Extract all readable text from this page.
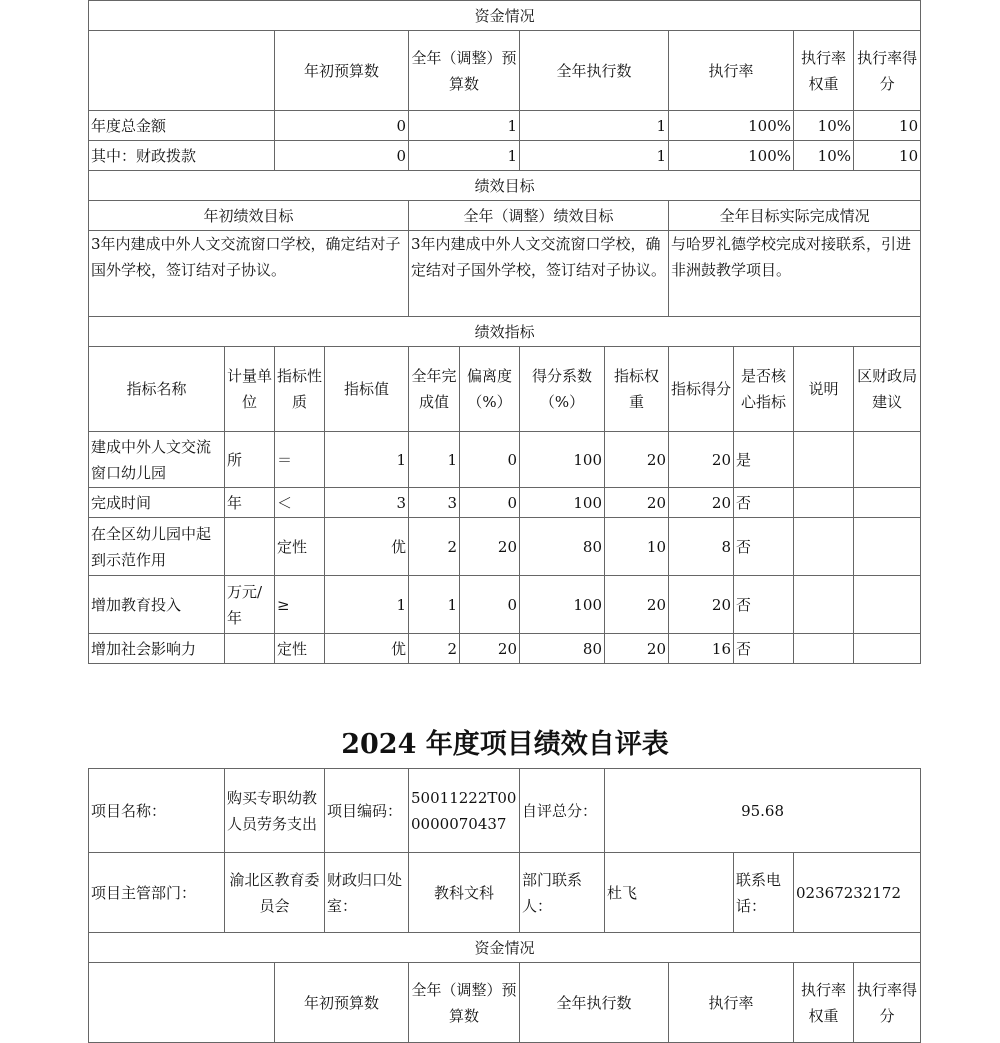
资金情况											
		年初预算数		全年（调整）预算数		全年执行数		执行率		执行率权重	执行率得分
年度总金额		0		1		1		100%		10%	10
其中：财政拨款		0		1		1		100%		10%	10
绩效目标											
年初绩效目标				全年（调整）绩效目标				全年目标实际完成情况			
3年内建成中外人文交流窗口学校，确定结对子国外学校，签订结对子协议。				3年内建成中外人文交流窗口学校，确定结对子国外学校，签订结对子协议。				与哈罗礼德学校完成对接联系，引进非洲鼓教学项目。			
绩效指标											
指标名称	计量单位	指标性质	指标值	全年完成值	偏离度（%）	得分系数（%）	指标权重	指标得分	是否核心指标	说明	区财政局建议
建成中外人文交流窗口幼儿园	所	＝	1	1	0	100	20	20	是		
完成时间	年	＜	3	3	0	100	20	20	否		
在全区幼儿园中起到示范作用		定性	优	2	20	80	10	8	否		
增加教育投入	万元/年	≥	1	1	0	100	20	20	否		
增加社会影响力		定性	优	2	20	80	20	16	否		
2024 年度项目绩效自评表
项目名称：	购买专职幼教人员劳务支出		项目编码：	50011222T000000070437	自评总分：	95.68				
项目主管部门：	渝北区教育委员会		财政归口处室：	教科文科	部门联系人：	杜飞		联系电话：	02367232172	
资金情况										
		年初预算数		全年（调整）预算数	全年执行数		执行率		执行率权重	执行率得分
